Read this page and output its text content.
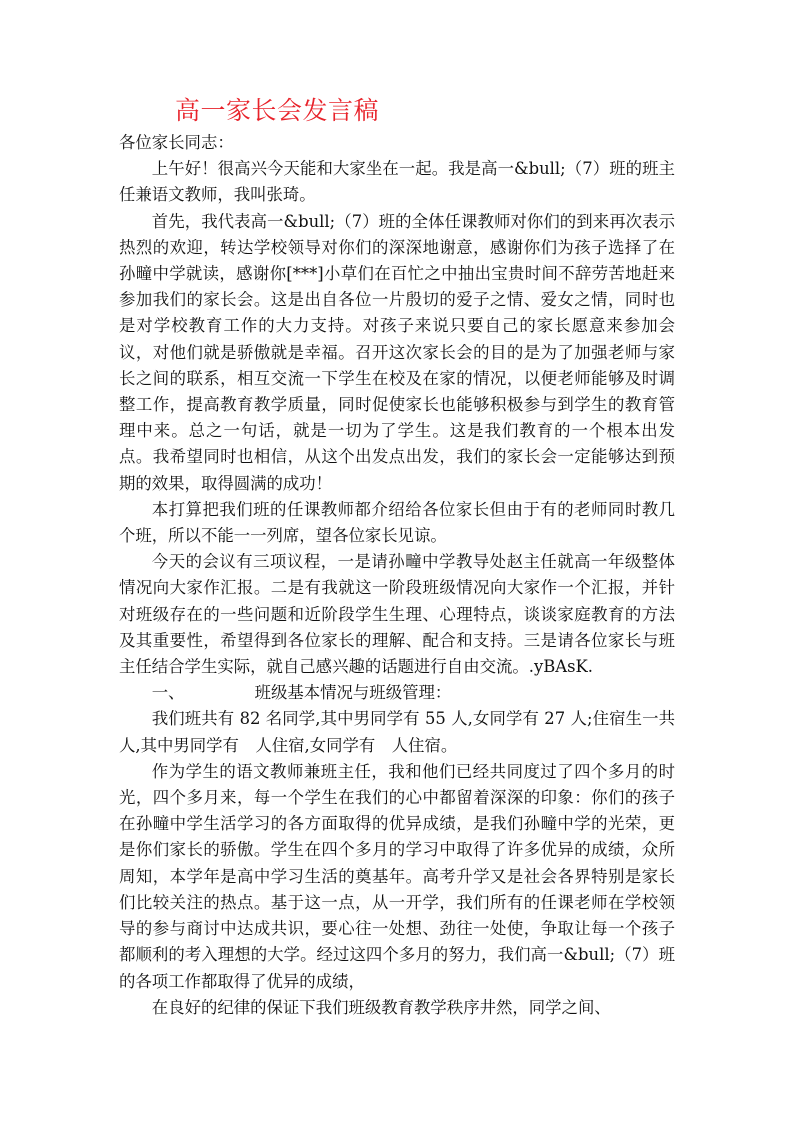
高一家长会发言稿

各位家长同志：

上午好！很高兴今天能和大家坐在一起。我是高一&bull;（7）班的班主任兼语文教师，我叫张琦。

首先，我代表高一&bull;（7）班的全体任课教师对你们的到来再次表示热烈的欢迎，转达学校领导对你们的深深地谢意，感谢你们为孩子选择了在孙疃中学就读，感谢你[***]小草们在百忙之中抽出宝贵时间不辞劳苦地赶来参加我们的家长会。这是出自各位一片殷切的爱子之情、爱女之情，同时也是对学校教育工作的大力支持。对孩子来说只要自己的家长愿意来参加会议，对他们就是骄傲就是幸福。召开这次家长会的目的是为了加强老师与家长之间的联系，相互交流一下学生在校及在家的情况，以便老师能够及时调整工作，提高教育教学质量，同时促使家长也能够积极参与到学生的教育管理中来。总之一句话，就是一切为了学生。这是我们教育的一个根本出发点。我希望同时也相信，从这个出发点出发，我们的家长会一定能够达到预期的效果，取得圆满的成功！

本打算把我们班的任课教师都介绍给各位家长但由于有的老师同时教几个班，所以不能一一列席，望各位家长见谅。

今天的会议有三项议程，一是请孙疃中学教导处赵主任就高一年级整体情况向大家作汇报。二是有我就这一阶段班级情况向大家作一个汇报，并针对班级存在的一些问题和近阶段学生生理、心理特点，谈谈家庭教育的方法及其重要性，希望得到各位家长的理解、配合和支持。三是请各位家长与班主任结合学生实际，就自己感兴趣的话题进行自由交流。.yBAsK.

一、	班级基本情况与班级管理：

我们班共有 82 名同学,其中男同学有 55 人,女同学有 27 人;住宿生一共　　人,其中男同学有　人住宿,女同学有　人住宿。

作为学生的语文教师兼班主任，我和他们已经共同度过了四个多月的时光，四个多月来，每一个学生在我们的心中都留着深深的印象：你们的孩子在孙疃中学生活学习的各方面取得的优异成绩，是我们孙疃中学的光荣，更是你们家长的骄傲。学生在四个多月的学习中取得了许多优异的成绩，众所周知，本学年是高中学习生活的奠基年。高考升学又是社会各界特别是家长们比较关注的热点。基于这一点，从一开学，我们所有的任课老师在学校领导的参与商讨中达成共识，要心往一处想、劲往一处使，争取让每一个孩子都顺利的考入理想的大学。经过这四个多月的努力，我们高一&bull;（7）班的各项工作都取得了优异的成绩，

在良好的纪律的保证下我们班级教育教学秩序井然，同学之间、
